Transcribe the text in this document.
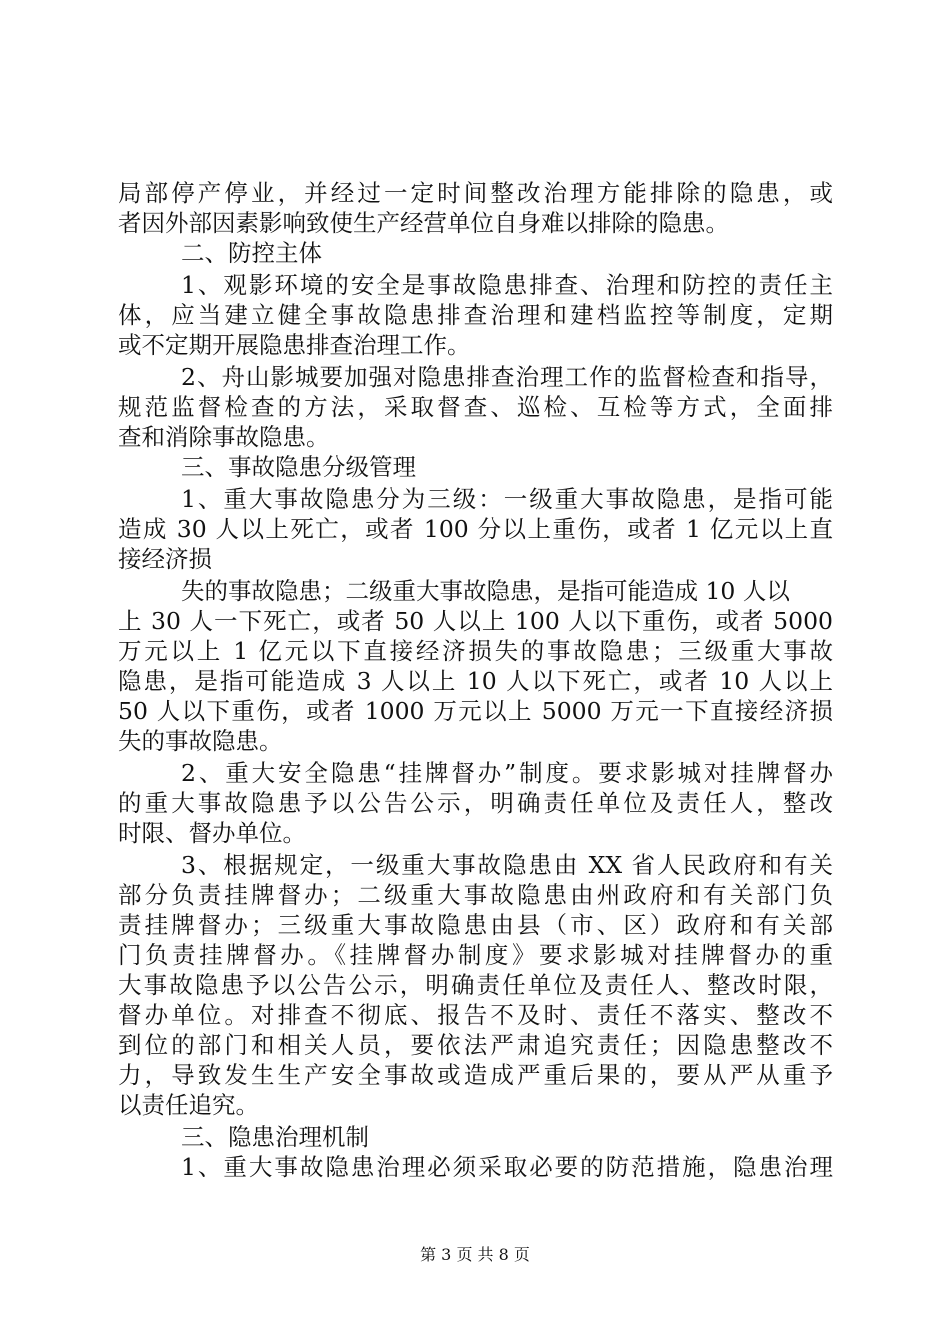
局部停产停业，并经过一定时间整改治理方能排除的隐患，或
者因外部因素影响致使生产经营单位自身难以排除的隐患。
二、防控主体
1、观影环境的安全是事故隐患排查、治理和防控的责任主
体，应当建立健全事故隐患排查治理和建档监控等制度，定期
或不定期开展隐患排查治理工作。
2、舟山影城要加强对隐患排查治理工作的监督检查和指导，
规范监督检查的方法，采取督查、巡检、互检等方式，全面排
查和消除事故隐患。
三、事故隐患分级管理
1、重大事故隐患分为三级：一级重大事故隐患，是指可能
造成 30 人以上死亡，或者 100 分以上重伤，或者 1 亿元以上直
接经济损
失的事故隐患；二级重大事故隐患，是指可能造成 10 人以
上 30 人一下死亡，或者 50 人以上 100 人以下重伤，或者 5000
万元以上 1 亿元以下直接经济损失的事故隐患；三级重大事故
隐患，是指可能造成 3 人以上 10 人以下死亡，或者 10 人以上
50 人以下重伤，或者 1000 万元以上 5000 万元一下直接经济损
失的事故隐患。
2、重大安全隐患“挂牌督办”制度。要求影城对挂牌督办
的重大事故隐患予以公告公示，明确责任单位及责任人，整改
时限、督办单位。
3、根据规定，一级重大事故隐患由 XX 省人民政府和有关
部分负责挂牌督办；二级重大事故隐患由州政府和有关部门负
责挂牌督办；三级重大事故隐患由县（市、区）政府和有关部
门负责挂牌督办。《挂牌督办制度》要求影城对挂牌督办的重
大事故隐患予以公告公示，明确责任单位及责任人、整改时限，
督办单位。对排查不彻底、报告不及时、责任不落实、整改不
到位的部门和相关人员，要依法严肃追究责任；因隐患整改不
力，导致发生生产安全事故或造成严重后果的，要从严从重予
以责任追究。
三、隐患治理机制
1、重大事故隐患治理必须采取必要的防范措施，隐患治理
第 3 页 共 8 页
